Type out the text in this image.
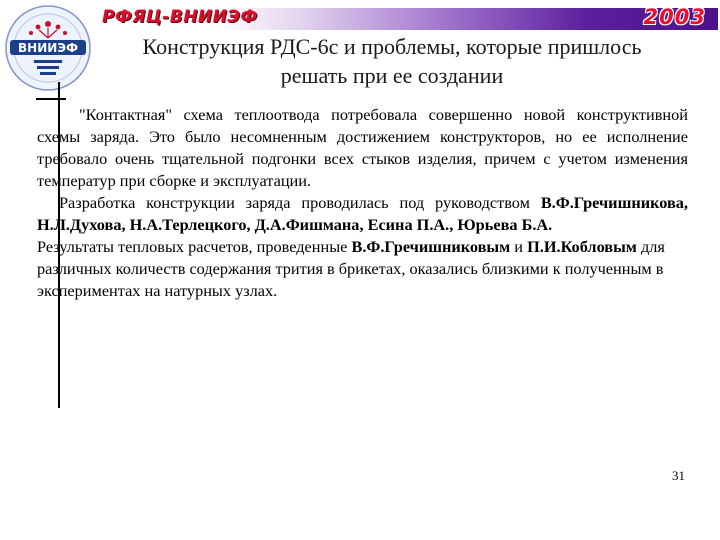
РФЯЦ-ВНИИЭФ	2003
ВНИИЭФ	Конструкция РДС-6с и проблемы, которые пришлось
решать при ее создании

"Контактная" схема теплоотвода потребовала совершенно новой конструктивной схемы заряда. Это было несомненным достижением конструкторов, но ее исполнение требовало очень тщательной подгонки всех стыков изделия, причем с учетом изменения температур при сборке и эксплуатации.

Разработка конструкции заряда проводилась под руководством В.Ф.Гречишникова, Н.Л.Духова, Н.А.Терлецкого, Д.А.Фишмана, Есина П.А., Юрьева Б.А.

Результаты тепловых расчетов, проведенные В.Ф.Гречишниковым и П.И.Кобловым для различных количеств содержания трития в брикетах, оказались близкими к полученным в экспериментах на натурных узлах.

31
